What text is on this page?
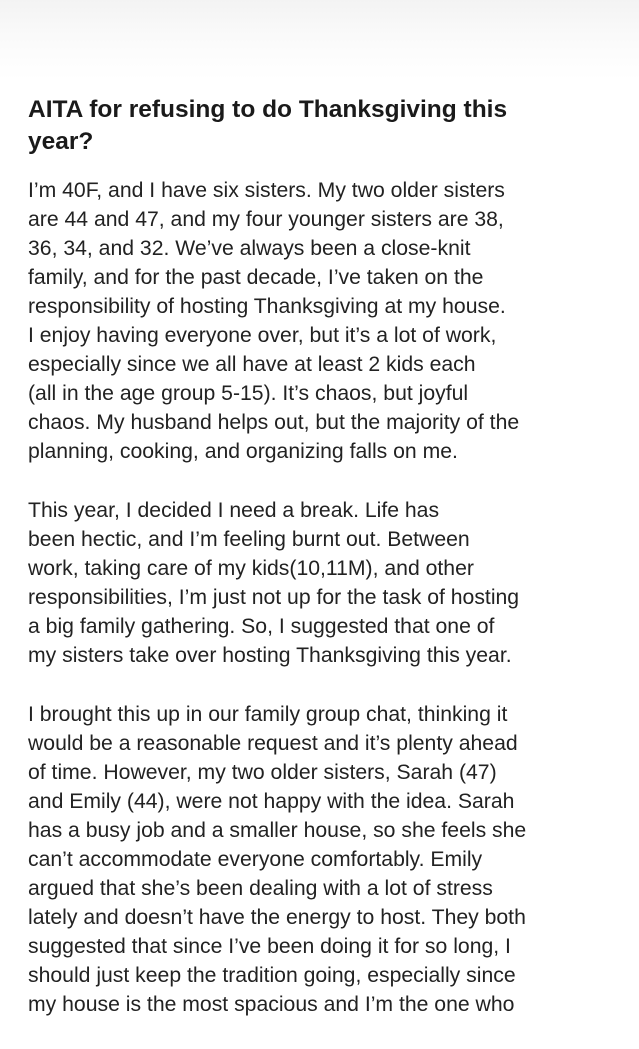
AITA for refusing to do Thanksgiving this
year?

I’m 40F, and I have six sisters. My two older sisters
are 44 and 47, and my four younger sisters are 38,
36, 34, and 32. We’ve always been a close-knit
family, and for the past decade, I’ve taken on the
responsibility of hosting Thanksgiving at my house.
I enjoy having everyone over, but it’s a lot of work,
especially since we all have at least 2 kids each
(all in the age group 5-15). It’s chaos, but joyful
chaos. My husband helps out, but the majority of the
planning, cooking, and organizing falls on me.

This year, I decided I need a break. Life has
been hectic, and I’m feeling burnt out. Between
work, taking care of my kids(10,11M), and other
responsibilities, I’m just not up for the task of hosting
a big family gathering. So, I suggested that one of
my sisters take over hosting Thanksgiving this year.

I brought this up in our family group chat, thinking it
would be a reasonable request and it’s plenty ahead
of time. However, my two older sisters, Sarah (47)
and Emily (44), were not happy with the idea. Sarah
has a busy job and a smaller house, so she feels she
can’t accommodate everyone comfortably. Emily
argued that she’s been dealing with a lot of stress
lately and doesn’t have the energy to host. They both
suggested that since I’ve been doing it for so long, I
should just keep the tradition going, especially since
my house is the most spacious and I’m the one who
